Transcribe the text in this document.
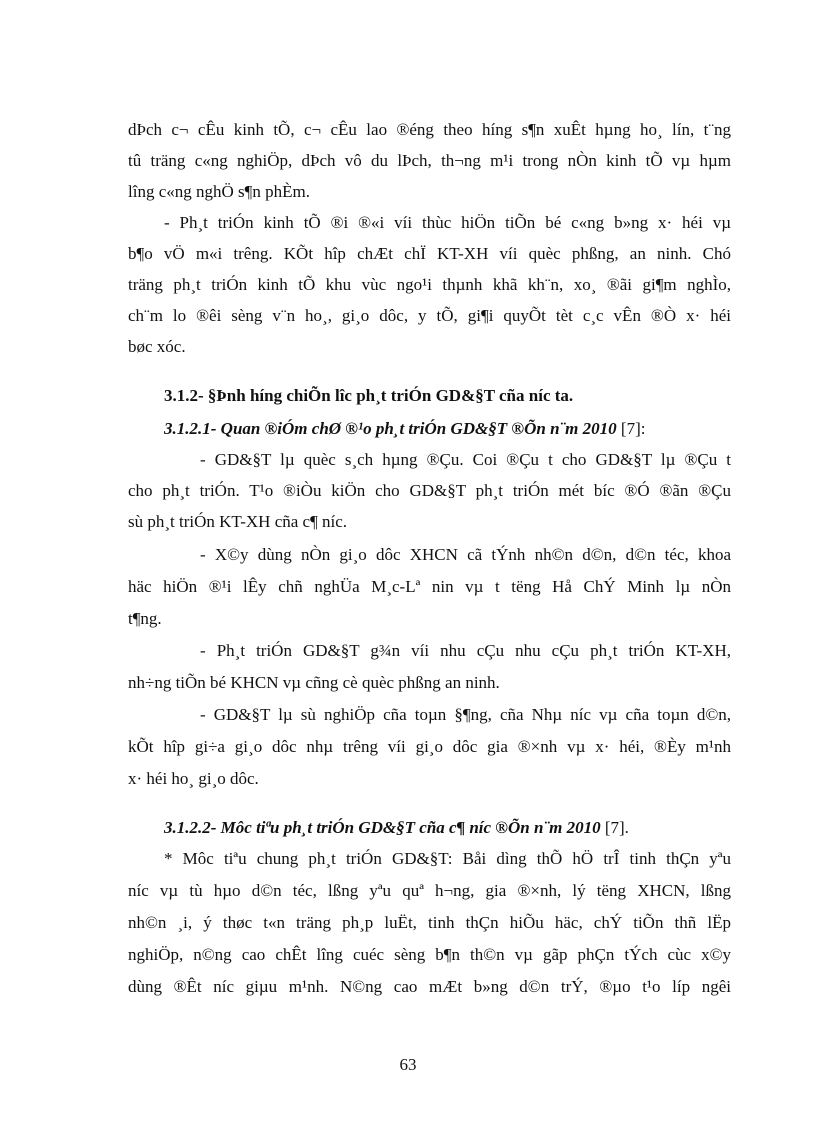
dÞch c¬ cÊu kinh tÕ, c¬ cÊu lao ®éng theo híng s¶n xuÊt hµng ho¸ lín, t¨ng
tû träng c«ng nghiÖp, dÞch vô du lÞch, th¬ng m¹i trong nÒn kinh tÕ vµ hµm
lîng c«ng nghÖ s¶n phÈm.
- Ph¸t triÓn kinh tÕ ®i ®«i víi thùc hiÖn tiÕn bé c«ng b»ng x· héi vµ
b¶o vÖ m«i trêng. KÕt hîp chÆt chÏ KT-XH víi quèc phßng, an ninh. Chó
träng ph¸t triÓn kinh tÕ khu vùc ngo¹i thµnh khã kh¨n, xo¸ ®ãi gi¶m nghÌo,
ch¨m lo ®êi sèng v¨n ho¸, gi¸o dôc, y tÕ, gi¶i quyÕt tèt c¸c vÊn ®Ò x· héi
bøc xóc.
3.1.2- §Þnh híng chiÕn lîc ph¸t triÓn GD&§T cña níc ta.
3.1.2.1- Quan ®iÓm chØ ®¹o ph¸t triÓn GD&§T ®Õn n¨m 2010 [7]:
- GD&§T lµ quèc s¸ch hµng ®Çu. Coi ®Çu t cho GD&§T lµ ®Çu t
cho ph¸t triÓn. T¹o ®iÒu kiÖn cho GD&§T ph¸t triÓn mét bíc ®Ó ®ãn ®Çu
sù ph¸t triÓn KT-XH cña c¶ níc.
- X©y dùng nÒn gi¸o dôc XHCN cã tÝnh nh©n d©n, d©n téc, khoa
häc hiÖn ®¹i lÊy chñ nghÜa M¸c-Lª nin vµ t tëng Hå ChÝ Minh lµ nÒn
t¶ng.
- Ph¸t triÓn GD&§T g¾n víi nhu cÇu nhu cÇu ph¸t triÓn KT-XH,
nh÷ng tiÕn bé KHCN vµ cñng cè quèc phßng an ninh.
- GD&§T lµ sù nghiÖp cña toµn §¶ng, cña Nhµ níc vµ cña toµn d©n,
kÕt hîp gi÷a gi¸o dôc nhµ trêng víi gi¸o dôc gia ®×nh vµ x· héi, ®Èy m¹nh
x· héi ho¸ gi¸o dôc.
3.1.2.2- Môc tiªu ph¸t triÓn GD&§T cña c¶ níc ®Õn n¨m 2010 [7].
* Môc tiªu chung ph¸t triÓn GD&§T: Båi dìng thÕ hÖ trÎ tinh thÇn yªu
níc vµ tù hµo d©n téc, lßng yªu quª h¬ng, gia ®×nh, lý tëng XHCN, lßng
nh©n ¸i, ý thøc t«n träng ph¸p luËt, tinh thÇn hiÕu häc, chÝ tiÕn thñ lËp
nghiÖp, n©ng cao chÊt lîng cuéc sèng b¶n th©n vµ gãp phÇn tÝch cùc x©y
dùng ®Êt níc giµu m¹nh. N©ng cao mÆt b»ng d©n trÝ, ®µo t¹o líp ngêi
63
